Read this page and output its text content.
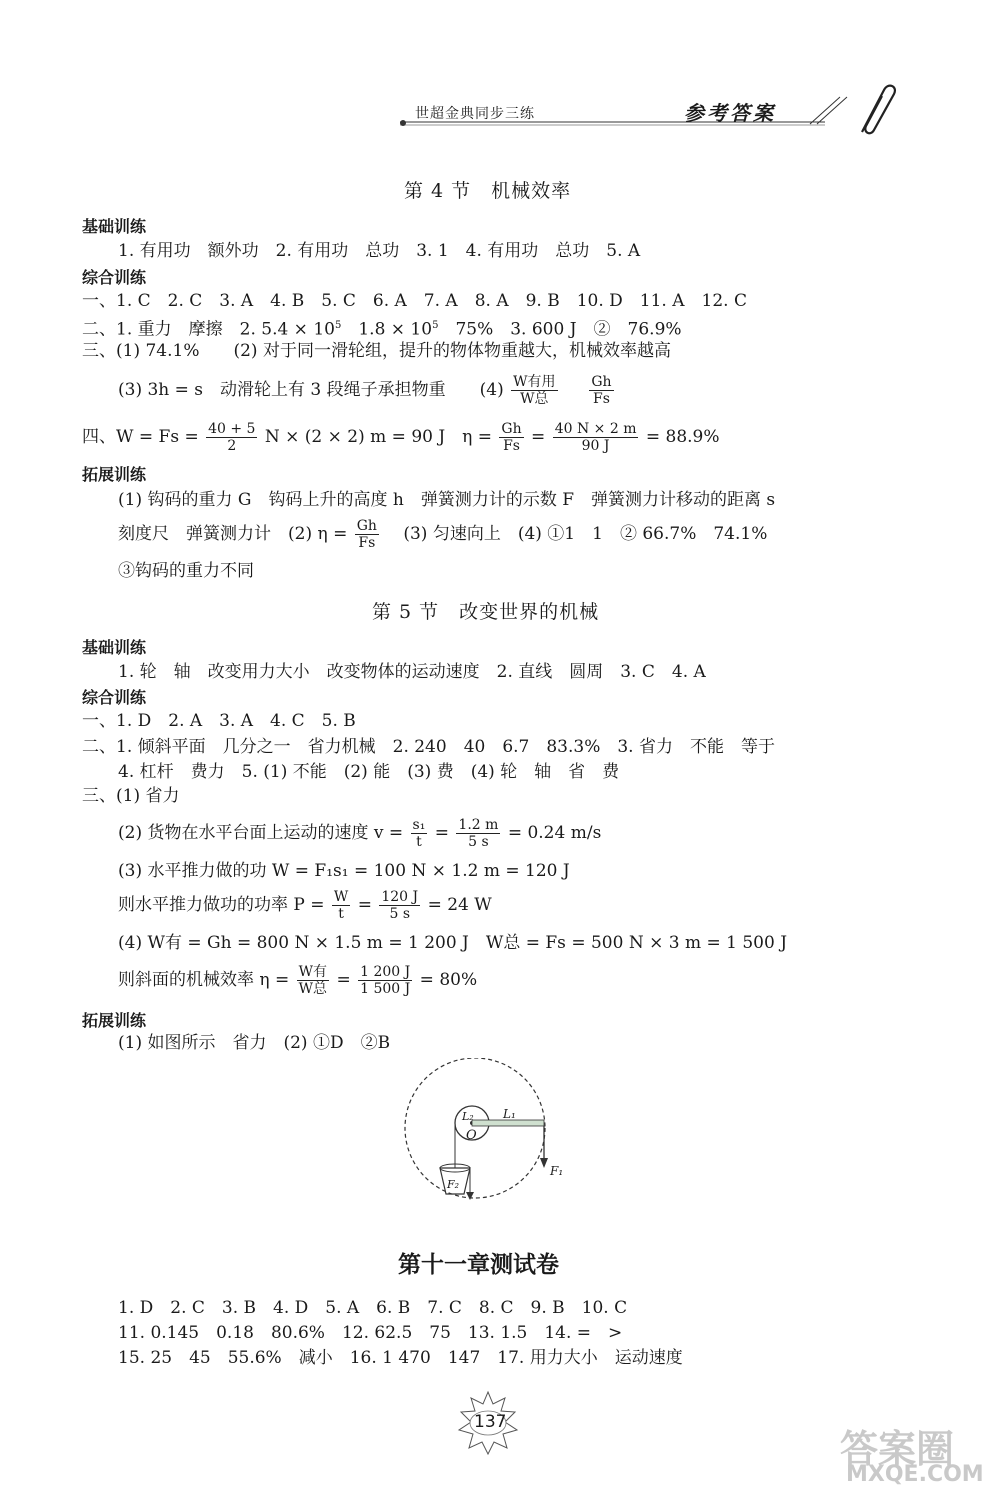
世超金典同步三练	参考答案
第 4 节　机械效率
基础训练
1. 有用功　额外功　2. 有用功　总功　3. 1　4. 有用功　总功　5. A
综合训练
一、1. C　2. C　3. A　4. B　5. C　6. A　7. A　8. A　9. B　10. D　11. A　12. C
二、1. 重力　摩擦　2. $5.4 \times 10^5$　$1.8 \times 10^5$　75%　3. 600 J　②　76.9%
三、(1) 74.1%　　(2) 对于同一滑轮组，提升的物体物重越大，机械效率越高
(3) 3h = s　动滑轮上有 3 段绳子承担物重　　$(4) \frac{\text{W有用}}{\text{W总}}$
　 $\frac{Gh}{Fs}$
四、$W = Fs = \frac{40 + 5}{2}$ N × (2 × 2) m = 90 J　$\eta = \frac{Gh}{Fs} = \frac{40 N \times 2 m}{90 J} = 88.9\%$
拓展训练
(1) 钩码的重力 G　钩码上升的高度 h　弹簧测力计的示数 F　弹簧测力计移动的距离 s
刻度尺　弹簧测力计　(2) $\eta = \frac{Gh}{Fs}$
　 (3) 匀速向上　(4) ①1　1　② 66.7%　74.1%
③钩码的重力不同
第 5 节　改变世界的机械
基础训练
1. 轮　轴　改变用力大小　改变物体的运动速度　2. 直线　圆周　3. C　4. A
综合训练
一、1. D　2. A　3. A　4. C　5. B
二、1. 倾斜平面　几分之一　省力机械　2. 240　40　6.7　83.3%　3. 省力　不能　等于
4. 杠杆　费力　5. (1) 不能　(2) 能　(3) 费　(4) 轮　轴　省　费
三、(1) 省力
(2) 货物在水平台面上运动的速度 $v = \frac{\text{s₁}}{t} = \frac{1.2 m}{5 s} = 0.24$ m/s
(3) 水平推力做的功 W = F₁s₁ = 100 N × 1.2 m = 120 J
则水平推力做功的功率 $P = \frac{W}{t} = \frac{120 J}{5 s} = 24$ W
(4) W有 = Gh = 800 N × 1.5 m = 1 200 J　W总 = Fs = 500 N × 3 m = 1 500 J
则斜面的机械效率 $\eta = \frac{\text{W有}}{\text{W总}} = \frac{1 200 J}{1 500 J} = 80\%$
拓展训练
(1) 如图所示　省力　(2) ①D　②B
L₂ L₁
O
F₁
F₂
第十一章测试卷
1. D　2. C　3. B　4. D　5. A　6. B　7. C　8. C　9. B　10. C
11. 0.145　0.18　80.6%　12. 62.5　75　13. 1.5　14. =　>
15. 25　45　55.6%　减小　16. 1 470　147　17. 用力大小　运动速度
137
答案圈
MXQE.COM
